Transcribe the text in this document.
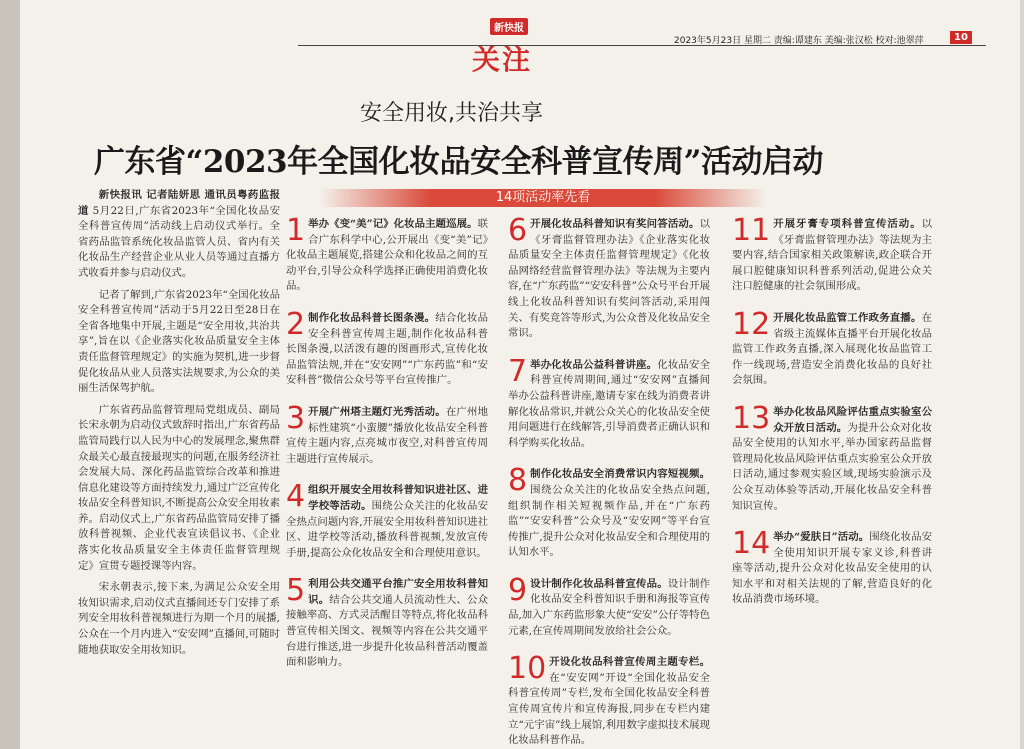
新快报
关注
2023年5月23日 星期二 责编:谭建东 美编:张汉松 校对:池翠萍	10
安全用妆,共治共享
广东省“2023年全国化妆品安全科普宣传周”活动启动
14项活动率先看

新快报讯 记者陆妍思 通讯员粤药监报道 5月22日,广东省2023年“全国化妆品安全科普宣传周”活动线上启动仪式举行。全省药品监管系统化妆品监管人员、省内有关化妆品生产经营企业从业人员等通过直播方式收看并参与启动仪式。

记者了解到,广东省2023年“全国化妆品安全科普宣传周”活动于5月22日至28日在全省各地集中开展,主题是“安全用妆,共治共享”,旨在以《企业落实化妆品质量安全主体责任监督管理规定》的实施为契机,进一步督促化妆品从业人员落实法规要求,为公众的美丽生活保驾护航。

广东省药品监督管理局党组成员、副局长宋永朝为启动仪式致辞时指出,广东省药品监管局践行以人民为中心的发展理念,聚焦群众最关心最直接最现实的问题,在服务经济社会发展大局、深化药品监管综合改革和推进信息化建设等方面持续发力,通过广泛宣传化妆品安全科普知识,不断提高公众安全用妆素养。启动仪式上,广东省药品监管局安排了播放科普视频、企业代表宣读倡议书、《企业落实化妆品质量安全主体责任监督管理规定》宣贯专题授课等内容。

宋永朝表示,接下来,为满足公众安全用妆知识需求,启动仪式直播间还专门安排了系列安全用妆科普视频进行为期一个月的展播,公众在一个月内进入“安安网”直播间,可随时随地获取安全用妆知识。

1 举办《变“美”记》化妆品主题巡展。联合广东科学中心,公开展出《变“美”记》化妆品主题展览,搭建公众和化妆品之间的互动平台,引导公众科学选择正确使用消费化妆品。
2 制作化妆品科普长图条漫。结合化妆品安全科普宣传周主题,制作化妆品科普长图条漫,以活泼有趣的图画形式,宣传化妆品监管法规,并在“安安网”“广东药监”和“安安科普”微信公众号等平台宣传推广。
3 开展广州塔主题灯光秀活动。在广州地标性建筑“小蛮腰”播放化妆品安全科普宣传主题内容,点亮城市夜空,对科普宣传周主题进行宣传展示。
4 组织开展安全用妆科普知识进社区、进学校等活动。围绕公众关注的化妆品安全热点问题内容,开展安全用妆科普知识进社区、进学校等活动,播放科普视频,发放宣传手册,提高公众化妆品安全和合理使用意识。
5 利用公共交通平台推广安全用妆科普知识。结合公共交通人员流动性大、公众接触率高、方式灵活醒目等特点,将化妆品科普宣传相关图文、视频等内容在公共交通平台进行推送,进一步提升化妆品科普活动覆盖面和影响力。
6 开展化妆品科普知识有奖问答活动。以《牙膏监督管理办法》《企业落实化妆品质量安全主体责任监督管理规定》《化妆品网络经营监督管理办法》等法规为主要内容,在“广东药监”“安安科普”公众号平台开展线上化妆品科普知识有奖问答活动,采用闯关、有奖竞答等形式,为公众普及化妆品安全常识。
7 举办化妆品公益科普讲座。化妆品安全科普宣传周期间,通过“安安网”直播间举办公益科普讲座,邀请专家在线为消费者讲解化妆品常识,并就公众关心的化妆品安全使用问题进行在线解答,引导消费者正确认识和科学购买化妆品。
8 制作化妆品安全消费常识内容短视频。围绕公众关注的化妆品安全热点问题,组织制作相关短视频作品,并在“广东药监”“安安科普”公众号及“安安网”等平台宣传推广,提升公众对化妆品安全和合理使用的认知水平。
9 设计制作化妆品科普宣传品。设计制作化妆品安全科普知识手册和海报等宣传品,加入广东药监形象大使“安安”公仔等特色元素,在宣传周期间发放给社会公众。
10 开设化妆品科普宣传周主题专栏。在“安安网”开设“全国化妆品安全科普宣传周”专栏,发布全国化妆品安全科普宣传周宣传片和宣传海报,同步在专栏内建立“元宇宙”线上展馆,利用数字虚拟技术展现化妆品科普作品。
11 开展牙膏专项科普宣传活动。以《牙膏监督管理办法》等法规为主要内容,结合国家相关政策解读,政企联合开展口腔健康知识科普系列活动,促进公众关注口腔健康的社会氛围形成。
12 开展化妆品监管工作政务直播。在省级主流媒体直播平台开展化妆品监管工作政务直播,深入展现化妆品监管工作一线现场,营造安全消费化妆品的良好社会氛围。
13 举办化妆品风险评估重点实验室公众开放日活动。为提升公众对化妆品安全使用的认知水平,举办国家药品监督管理局化妆品风险评估重点实验室公众开放日活动,通过参观实验区域,现场实验演示及公众互动体验等活动,开展化妆品安全科普知识宣传。
14 举办“爱肤日”活动。围绕化妆品安全使用知识开展专家义诊,科普讲座等活动,提升公众对化妆品安全使用的认知水平和对相关法规的了解,营造良好的化妆品消费市场环境。
